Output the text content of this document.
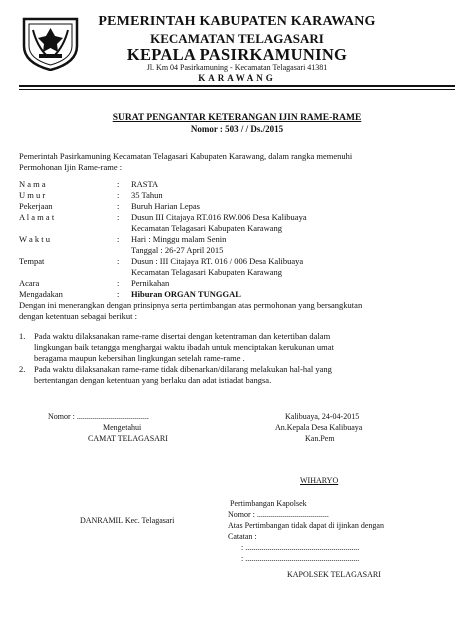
PEMERINTAH KABUPATEN KARAWANG
KECAMATAN TELAGASARI
KEPALA PASIRKAMUNING
Jl. Km 04 Pasirkamuning - Kecamatan Telagasari 41381
KARAWANG
SURAT PENGANTAR KETERANGAN IJIN RAME-RAME
Nomor : 503 / / Ds./2015
Pemerintah Pasirkamuning Kecamatan Telagasari Kabupaten Karawang, dalam rangka memenuhi
Permohonan Ijin Rame-rame :
N a m a	: RASTA
U m u r	: 35 Tahun
Pekerjaan	: Buruh Harian Lepas
A l a m a t	: Dusun III Citajaya RT.016 RW.006 Desa Kalibuaya
Kecamatan Telagasari Kabupaten Karawang
W a k t u	: Hari : Minggu malam Senin
Tanggal : 26-27 April 2015
Tempat	: Dusun : III Citajaya RT. 016 / 006 Desa Kalibuaya
Kecamatan Telagasari Kabupaten Karawang
Acara	: Pernikahan
Mengadakan	: Hiburan ORGAN TUNGGAL
Dengan ini menerangkan dengan prinsipnya serta pertimbangan atas permohonan yang bersangkutan
dengan ketentuan sebagai berikut :
1. Pada waktu dilaksanakan rame-rame disertai dengan ketentraman dan ketertiban dalam
lingkungan baik tetangga menghargai waktu ibadah untuk menciptakan kerukunan umat
beragama maupun kebersihan lingkungan setelah rame-rame .
2. Pada waktu dilaksanakan rame-rame tidak dibenarkan/dilarang melakukan hal-hal yang
bertentangan dengan ketentuan yang berlaku dan adat istiadat bangsa.
Nomor : ....................................
Mengetahui
CAMAT TELAGASARI
DANRAMIL Kec. Telagasari
Kalibuaya, 24-04-2015
An.Kepala Desa Kalibuaya
Kan.Pem
WIHARYO
Pertimbangan Kapolsek
Nomor : ....................................
Atas Pertimbangan tidak dapat di ijinkan dengan
Catatan :
: .........................................................
: .........................................................
KAPOLSEK TELAGASARI
